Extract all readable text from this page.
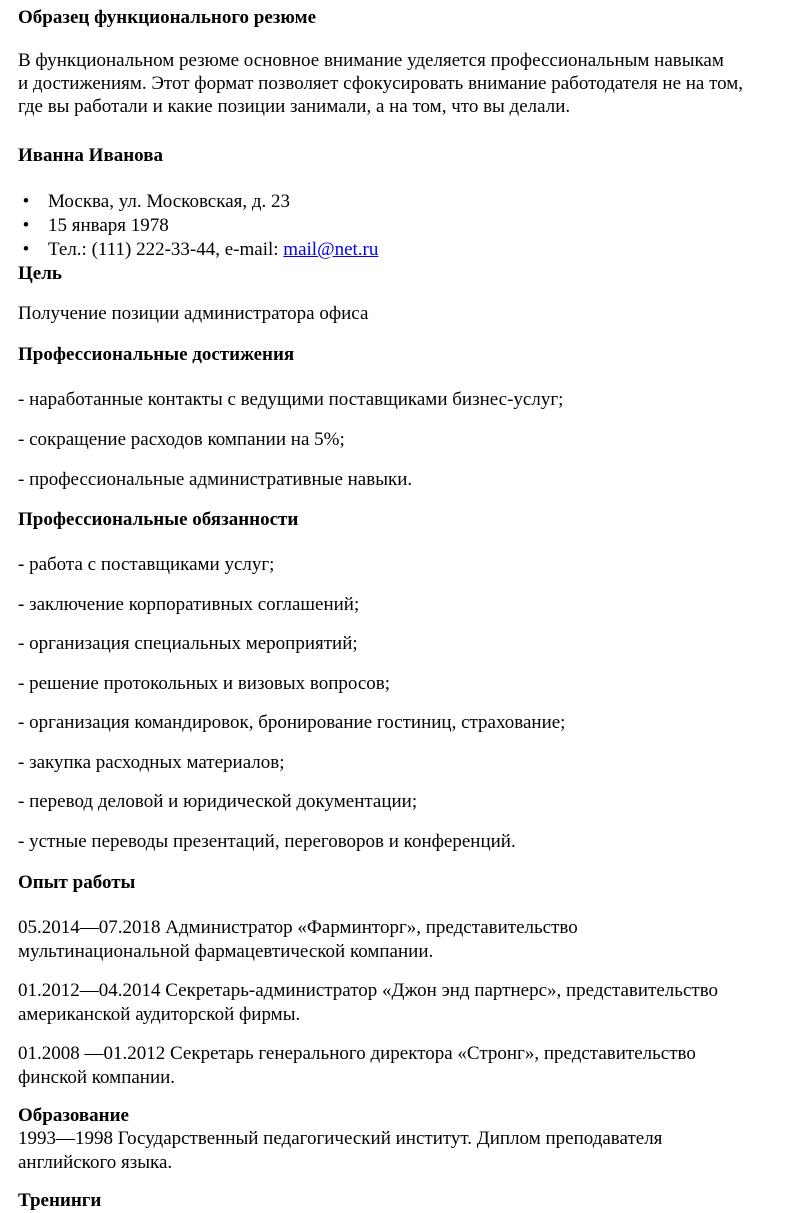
Образец функционального резюме
В функциональном резюме основное внимание уделяется профессиональным навыкам
и достижениям. Этот формат позволяет сфокусировать внимание работодателя не на том,
где вы работали и какие позиции занимали, а на том, что вы делали.
Иванна Иванова
• Москва, ул. Московская, д. 23
• 15 января 1978
• Тел.: (111) 222-33-44, e-mail: mail@net.ru
Цель
Получение позиции администратора офиса
Профессиональные достижения
- наработанные контакты с ведущими поставщиками бизнес-услуг;
- сокращение расходов компании на 5%;
- профессиональные административные навыки.
Профессиональные обязанности
- работа с поставщиками услуг;
- заключение корпоративных соглашений;
- организация специальных мероприятий;
- решение протокольных и визовых вопросов;
- организация командировок, бронирование гостиниц, страхование;
- закупка расходных материалов;
- перевод деловой и юридической документации;
- устные переводы презентаций, переговоров и конференций.
Опыт работы
05.2014—07.2018 Администратор «Фарминторг», представительство
мультинациональной фармацевтической компании.
01.2012—04.2014 Секретарь-администратор «Джон энд партнерс», представительство
американской аудиторской фирмы.
01.2008 —01.2012 Секретарь генерального директора «Стронг», представительство
финской компании.
Образование
1993—1998 Государственный педагогический институт. Диплом преподавателя
английского языка.
Тренинги
